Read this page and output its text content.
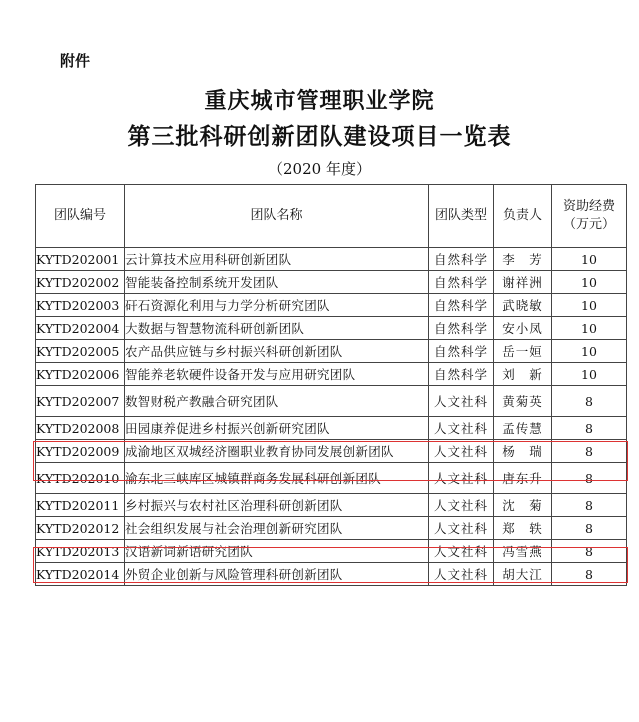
附件
重庆城市管理职业学院
第三批科研创新团队建设项目一览表
（2020 年度）
团队编号	团队名称	团队类型	负责人	资助经费
（万元）

KYTD202001	云计算技术应用科研创新团队	自然科学	李　芳	10
KYTD202002	智能装备控制系统开发团队	自然科学	谢祥洲	10
KYTD202003	矸石资源化利用与力学分析研究团队	自然科学	武晓敏	10
KYTD202004	大数据与智慧物流科研创新团队	自然科学	安小凤	10
KYTD202005	农产品供应链与乡村振兴科研创新团队	自然科学	岳一姮	10
KYTD202006	智能养老软硬件设备开发与应用研究团队	自然科学	刘　新	10
KYTD202007	数智财税产教融合研究团队	人文社科	黄菊英	8
KYTD202008	田园康养促进乡村振兴创新研究团队	人文社科	孟传慧	8
KYTD202009	成渝地区双城经济圈职业教育协同发展创新团队	人文社科	杨　瑞	8
KYTD202010	渝东北三峡库区城镇群商务发展科研创新团队	人文社科	唐东升	8
KYTD202011	乡村振兴与农村社区治理科研创新团队	人文社科	沈　菊	8
KYTD202012	社会组织发展与社会治理创新研究团队	人文社科	郑　轶	8
KYTD202013	汉语新词新语研究团队	人文社科	冯雪燕	8
KYTD202014	外贸企业创新与风险管理科研创新团队	人文社科	胡大江	8
